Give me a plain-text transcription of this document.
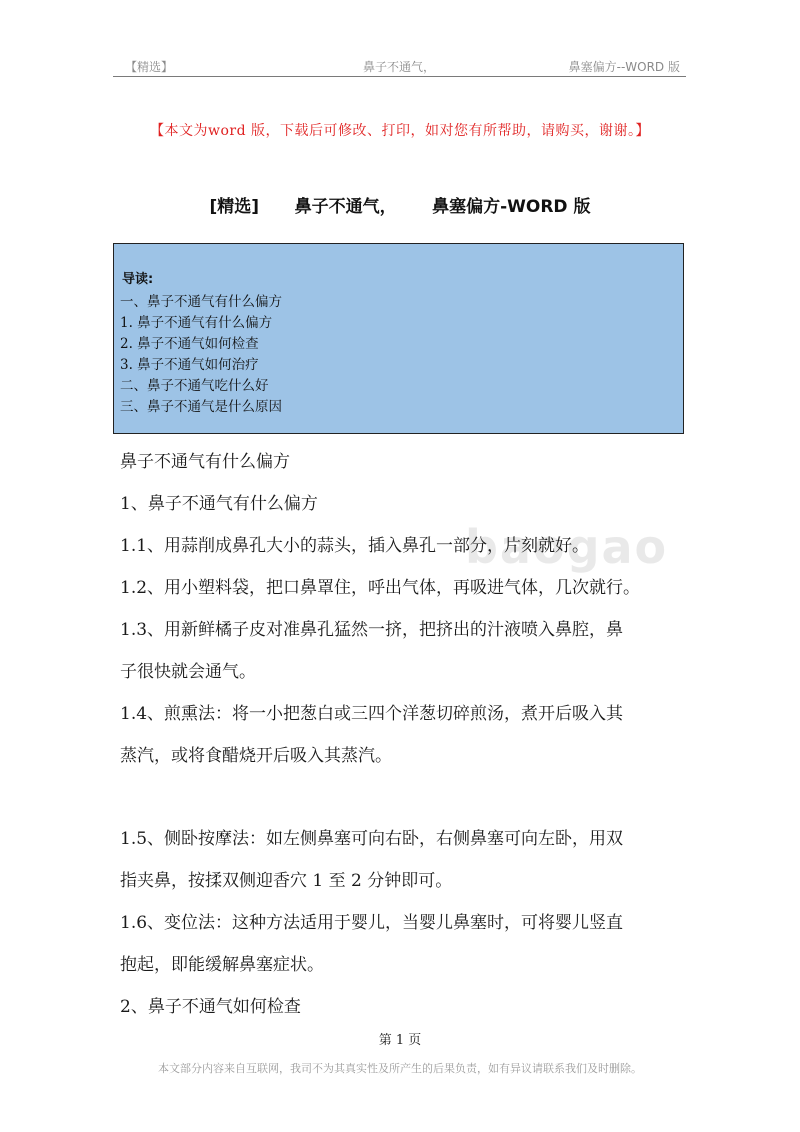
【精选】	鼻子不通气，	鼻塞偏方--WORD 版
【本文为word 版，下载后可修改、打印，如对您有所帮助，请购买，谢谢。】
[精选]      鼻子不通气，      鼻塞偏方-WORD 版
导读:
一、鼻子不通气有什么偏方
1. 鼻子不通气有什么偏方
2. 鼻子不通气如何检查
3. 鼻子不通气如何治疗
二、鼻子不通气吃什么好
三、鼻子不通气是什么原因
baogao
鼻子不通气有什么偏方
1、鼻子不通气有什么偏方
1.1、用蒜削成鼻孔大小的蒜头，插入鼻孔一部分，片刻就好。
1.2、用小塑料袋，把口鼻罩住，呼出气体，再吸进气体，几次就行。
1.3、用新鲜橘子皮对准鼻孔猛然一挤，把挤出的汁液喷入鼻腔，鼻
子很快就会通气。
1.4、煎熏法：将一小把葱白或三四个洋葱切碎煎汤，煮开后吸入其
蒸汽，或将食醋烧开后吸入其蒸汽。
1.5、侧卧按摩法：如左侧鼻塞可向右卧，右侧鼻塞可向左卧，用双
指夹鼻，按揉双侧迎香穴 1 至 2 分钟即可。
1.6、变位法：这种方法适用于婴儿，当婴儿鼻塞时，可将婴儿竖直
抱起，即能缓解鼻塞症状。
2、鼻子不通气如何检查
第 1 页
本文部分内容来自互联网，我司不为其真实性及所产生的后果负责，如有异议请联系我们及时删除。
